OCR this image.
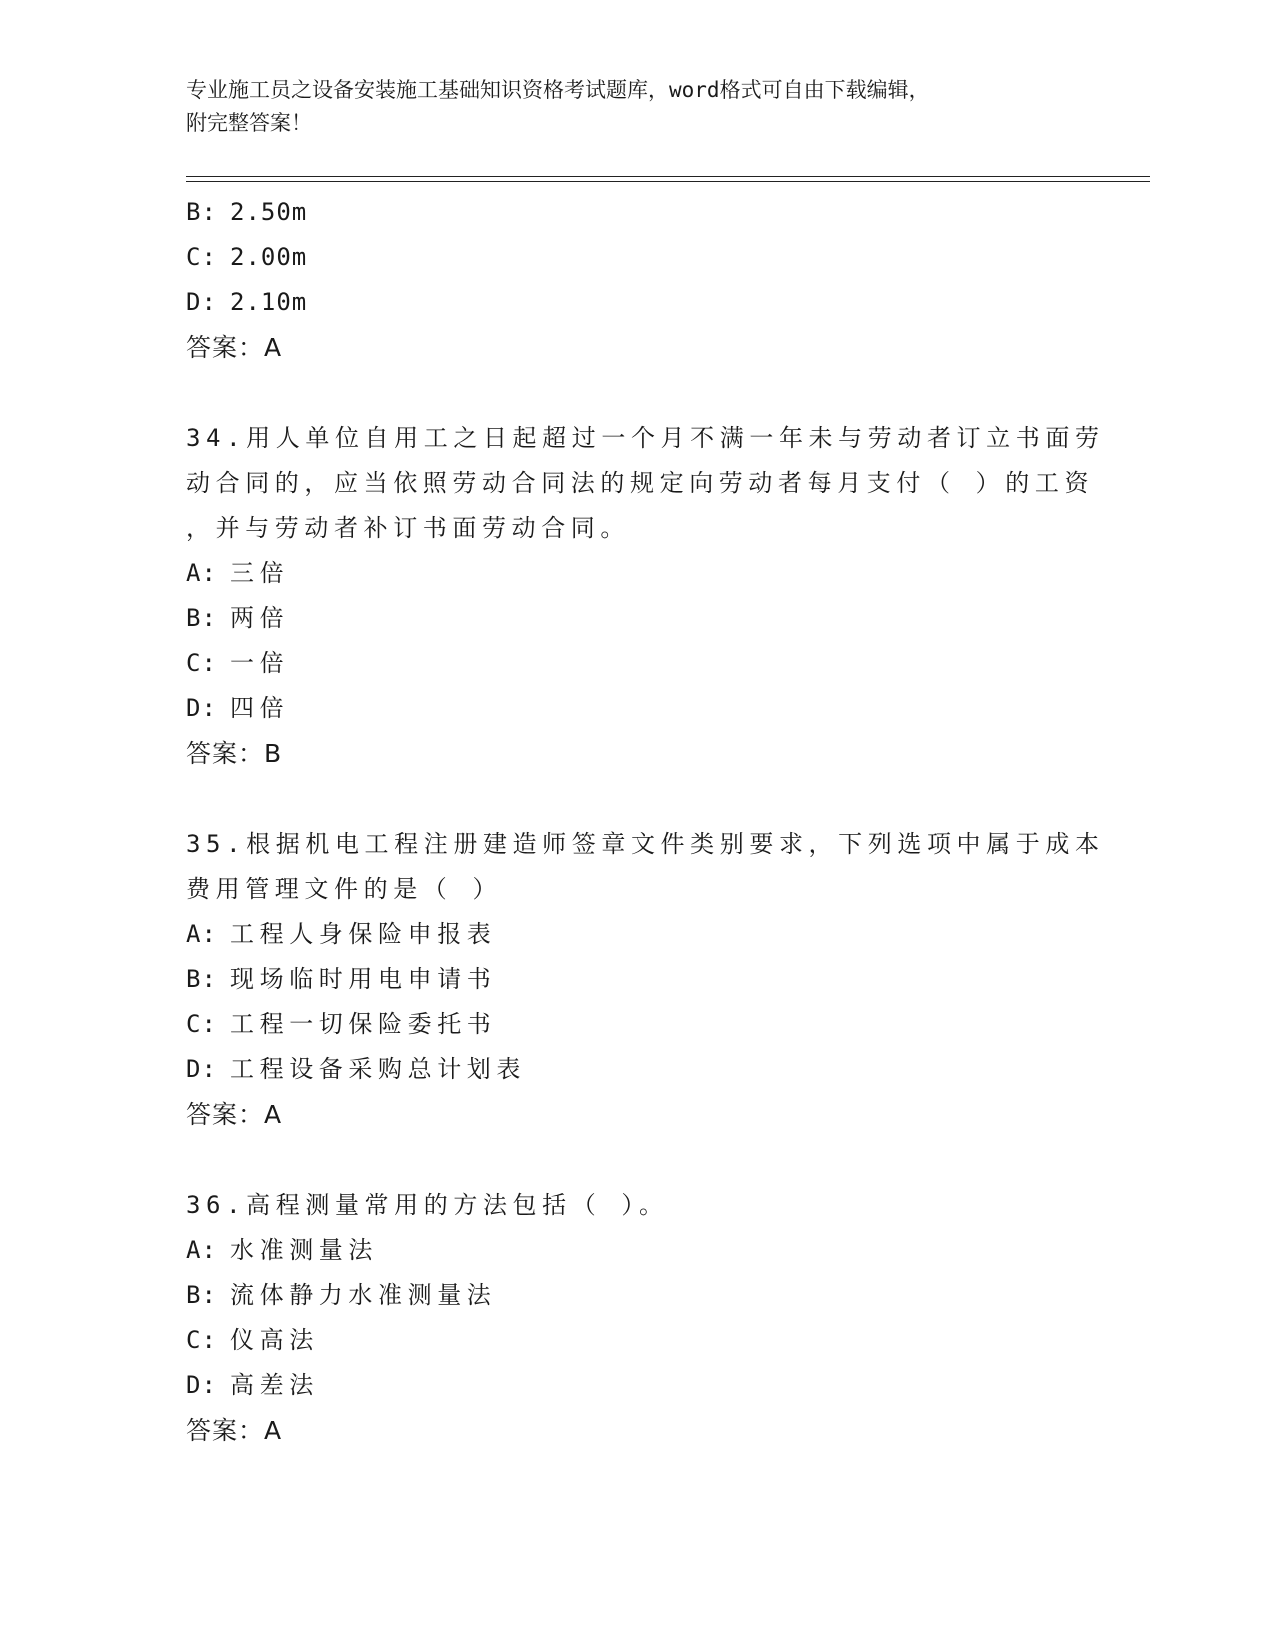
专业施工员之设备安装施工基础知识资格考试题库，word格式可自由下载编辑，
附完整答案！
B: 2.50m
C: 2.00m
D: 2.10m
答案：A
34.用人单位自用工之日起超过一个月不满一年未与劳动者订立书面劳
动合同的，应当依照劳动合同法的规定向劳动者每月支付（ ）的工资
，并与劳动者补订书面劳动合同。
A: 三倍
B: 两倍
C: 一倍
D: 四倍
答案：B
35.根据机电工程注册建造师签章文件类别要求，下列选项中属于成本
费用管理文件的是（ ）
A: 工程人身保险申报表
B: 现场临时用电申请书
C: 工程一切保险委托书
D: 工程设备采购总计划表
答案：A
36.高程测量常用的方法包括（ ）。
A: 水准测量法
B: 流体静力水准测量法
C: 仪高法
D: 高差法
答案：A
